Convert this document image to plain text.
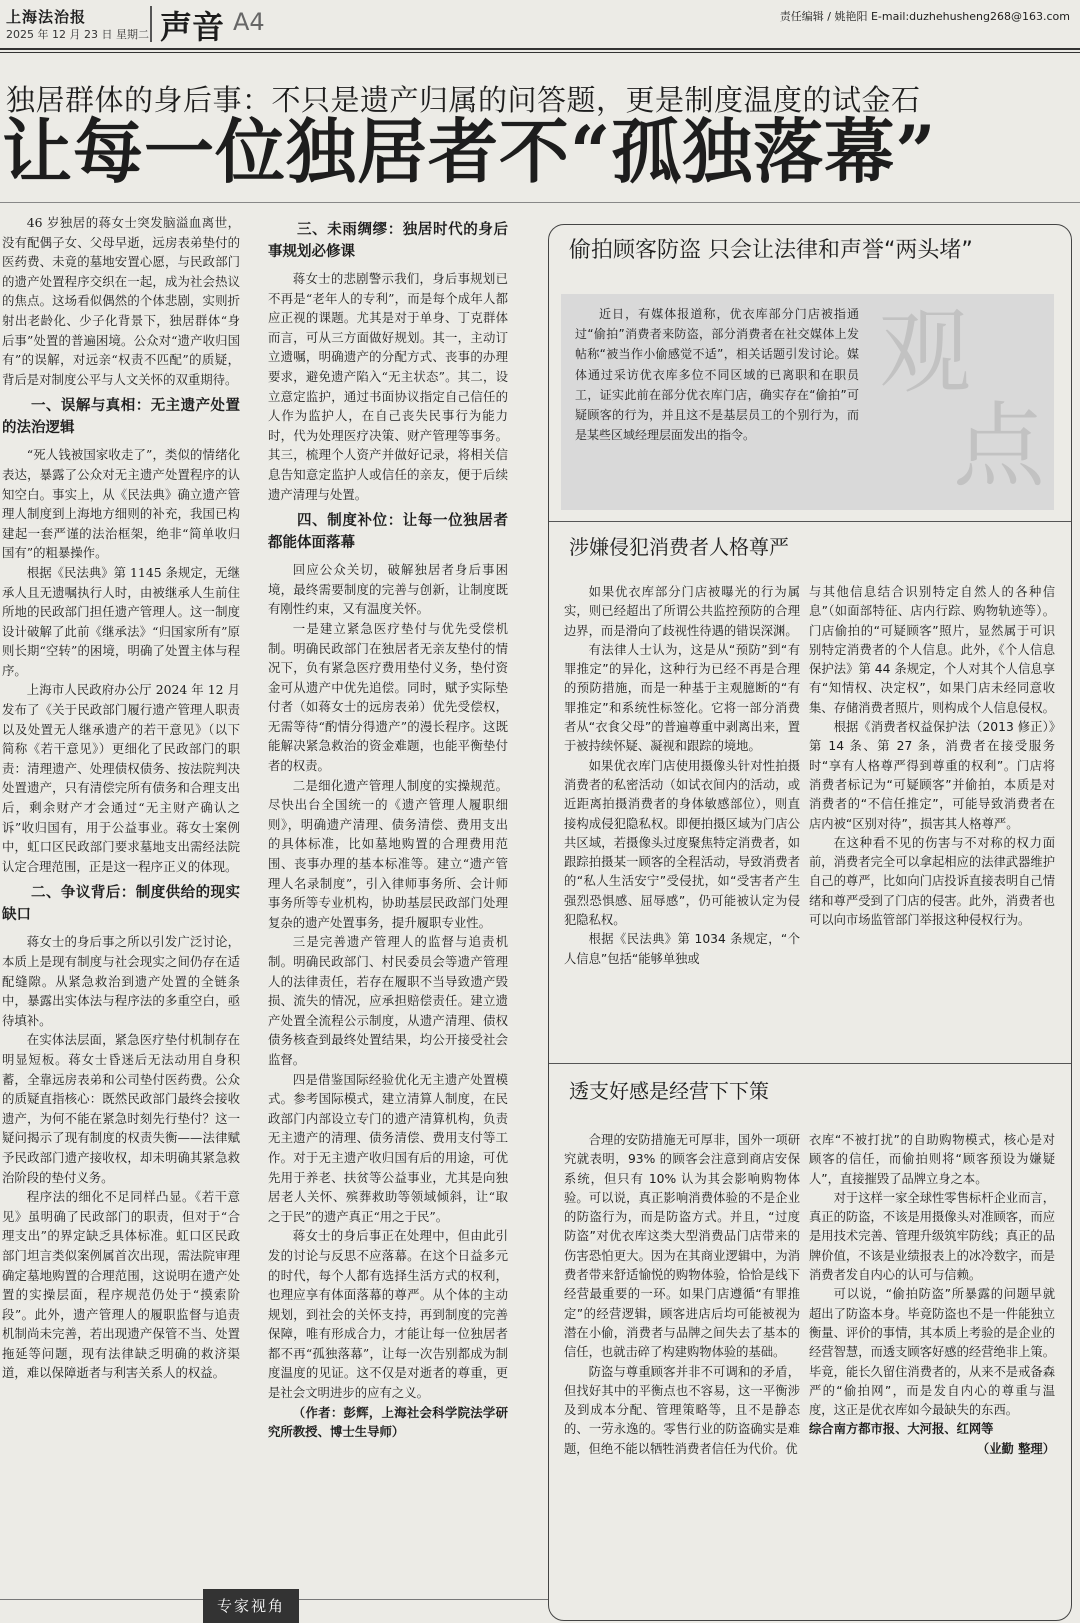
上海法治报
2025 年 12 月 23 日 星期二 声音 A4	责任编辑 / 姚艳阳 E-mail:duzhehusheng268@163.com
独居群体的身后事：不只是遗产归属的问答题，更是制度温度的试金石
让每一位独居者不“孤独落幕”

46 岁独居的蒋女士突发脑溢血离世，没有配偶子女、父母早逝，远房表弟垫付的医药费、未竟的墓地安置心愿，与民政部门的遗产处置程序交织在一起，成为社会热议的焦点。这场看似偶然的个体悲剧，实则折射出老龄化、少子化背景下，独居群体“身后事”处置的普遍困境。公众对“遗产收归国有”的误解，对远亲“权责不匹配”的质疑，背后是对制度公平与人文关怀的双重期待。

一、误解与真相：无主遗产处置的法治逻辑

“死人钱被国家收走了”，类似的情绪化表达，暴露了公众对无主遗产处置程序的认知空白。事实上，从《民法典》确立遗产管理人制度到上海地方细则的补充，我国已构建起一套严谨的法治框架，绝非“简单收归国有”的粗暴操作。

根据《民法典》第 1145 条规定，无继承人且无遗嘱执行人时，由被继承人生前住所地的民政部门担任遗产管理人。这一制度设计破解了此前《继承法》“归国家所有”原则长期“空转”的困境，明确了处置主体与程序。

上海市人民政府办公厅 2024 年 12 月发布了《关于民政部门履行遗产管理人职责以及处置无人继承遗产的若干意见》（以下简称《若干意见》）更细化了民政部门的职责：清理遗产、处理债权债务、按法院判决处置遗产，只有清偿完所有债务和合理支出后，剩余财产才会通过“无主财产确认之诉”收归国有，用于公益事业。蒋女士案例中，虹口区民政部门要求墓地支出需经法院认定合理范围，正是这一程序正义的体现。

二、争议背后：制度供给的现实缺口

蒋女士的身后事之所以引发广泛讨论，本质上是现有制度与社会现实之间仍存在适配缝隙。从紧急救治到遗产处置的全链条中，暴露出实体法与程序法的多重空白，亟待填补。

在实体法层面，紧急医疗垫付机制存在明显短板。蒋女士昏迷后无法动用自身积蓄，全靠远房表弟和公司垫付医药费。公众的质疑直指核心：既然民政部门最终会接收遗产，为何不能在紧急时刻先行垫付？这一疑问揭示了现有制度的权责失衡——法律赋予民政部门遗产接收权，却未明确其紧急救治阶段的垫付义务。

程序法的细化不足同样凸显。《若干意见》虽明确了民政部门的职责，但对于“合理支出”的界定缺乏具体标准。虹口区民政部门坦言类似案例属首次出现，需法院审理确定墓地购置的合理范围，这说明在遗产处置的实操层面，程序规范仍处于“摸索阶段”。此外，遗产管理人的履职监督与追责机制尚未完善，若出现遗产保管不当、处置拖延等问题，现有法律缺乏明确的救济渠道，难以保障逝者与利害关系人的权益。

三、未雨绸缪：独居时代的身后事规划必修课

蒋女士的悲剧警示我们，身后事规划已不再是“老年人的专利”，而是每个成年人都应正视的课题。尤其是对于单身、丁克群体而言，可从三方面做好规划。其一，主动订立遗嘱，明确遗产的分配方式、丧事的办理要求，避免遗产陷入“无主状态”。其二，设立意定监护，通过书面协议指定自己信任的人作为监护人，在自己丧失民事行为能力时，代为处理医疗决策、财产管理等事务。其三，梳理个人资产并做好记录，将相关信息告知意定监护人或信任的亲友，便于后续遗产清理与处置。

四、制度补位：让每一位独居者都能体面落幕

回应公众关切，破解独居者身后事困境，最终需要制度的完善与创新，让制度既有刚性约束，又有温度关怀。

一是建立紧急医疗垫付与优先受偿机制。明确民政部门在独居者无亲友垫付的情况下，负有紧急医疗费用垫付义务，垫付资金可从遗产中优先追偿。同时，赋予实际垫付者（如蒋女士的远房表弟）优先受偿权，无需等待“酌情分得遗产”的漫长程序。这既能解决紧急救治的资金难题，也能平衡垫付者的权责。

二是细化遗产管理人制度的实操规范。尽快出台全国统一的《遗产管理人履职细则》，明确遗产清理、债务清偿、费用支出的具体标准，比如墓地购置的合理费用范围、丧事办理的基本标准等。建立“遗产管理人名录制度”，引入律师事务所、会计师事务所等专业机构，协助基层民政部门处理复杂的遗产处置事务，提升履职专业性。

三是完善遗产管理人的监督与追责机制。明确民政部门、村民委员会等遗产管理人的法律责任，若存在履职不当导致遗产毁损、流失的情况，应承担赔偿责任。建立遗产处置全流程公示制度，从遗产清理、债权债务核查到最终处置结果，均公开接受社会监督。

四是借鉴国际经验优化无主遗产处置模式。参考国际模式，建立清算人制度，在民政部门内部设立专门的遗产清算机构，负责无主遗产的清理、债务清偿、费用支付等工作。对于无主遗产收归国有后的用途，可优先用于养老、扶贫等公益事业，尤其是向独居老人关怀、殡葬救助等领域倾斜，让“取之于民”的遗产真正“用之于民”。

蒋女士的身后事正在处理中，但由此引发的讨论与反思不应落幕。在这个日益多元的时代，每个人都有选择生活方式的权利，也理应享有体面落幕的尊严。从个体的主动规划，到社会的关怀支持，再到制度的完善保障，唯有形成合力，才能让每一位独居者都不再“孤独落幕”，让每一次告别都成为制度温度的见证。这不仅是对逝者的尊重，更是社会文明进步的应有之义。

（作者：彭辉，上海社会科学院法学研究所教授、博士生导师）
偷拍顾客防盗 只会让法律和声誉“两头堵”
近日，有媒体报道称，优衣库部分门店被指通过“偷拍”消费者来防盗，部分消费者在社交媒体上发帖称“被当作小偷感觉不适”，相关话题引发讨论。媒体通过采访优衣库多位不同区域的已离职和在职员工，证实此前在部分优衣库门店，确实存在“偷拍”可疑顾客的行为，并且这不是基层员工的个别行为，而是某些区域经理层面发出的指令。
观
点
涉嫌侵犯消费者人格尊严

如果优衣库部分门店被曝光的行为属实，则已经超出了所谓公共监控预防的合理边界，而是滑向了歧视性待遇的错误深渊。

有法律人士认为，这是从“预防”到“有罪推定”的异化，这种行为已经不再是合理的预防措施，而是一种基于主观臆断的“有罪推定”和系统性标签化。它将一部分消费者从“衣食父母”的普遍尊重中剥离出来，置于被持续怀疑、凝视和跟踪的境地。

如果优衣库门店使用摄像头针对性拍摄消费者的私密活动（如试衣间内的活动，或近距离拍摄消费者的身体敏感部位），则直接构成侵犯隐私权。即便拍摄区域为门店公共区域，若摄像头过度聚焦特定消费者，如跟踪拍摄某一顾客的全程活动，导致消费者的“私人生活安宁”受侵扰，如“受害者产生强烈恐惧感、屈辱感”，仍可能被认定为侵犯隐私权。

根据《民法典》第 1034 条规定，“个人信息”包括“能够单独或

与其他信息结合识别特定自然人的各种信息”（如面部特征、店内行踪、购物轨迹等）。门店偷拍的“可疑顾客”照片，显然属于可识别特定消费者的个人信息。此外，《个人信息保护法》第 44 条规定，个人对其个人信息享有“知情权、决定权”，如果门店未经同意收集、存储消费者照片，则构成个人信息侵权。

根据《消费者权益保护法（2013 修正）》第 14 条、第 27 条，消费者在接受服务时“享有人格尊严得到尊重的权利”。门店将消费者标记为“可疑顾客”并偷拍，本质是对消费者的“不信任推定”，可能导致消费者在店内被“区别对待”，损害其人格尊严。

在这种看不见的伤害与不对称的权力面前，消费者完全可以拿起相应的法律武器维护自己的尊严，比如向门店投诉直接表明自己情绪和尊严受到了门店的侵害。此外，消费者也可以向市场监管部门举报这种侵权行为。

透支好感是经营下下策

合理的安防措施无可厚非，国外一项研究就表明，93% 的顾客会注意到商店安保系统，但只有 10% 认为其会影响购物体验。可以说，真正影响消费体验的不是企业的防盗行为，而是防盗方式。并且，“过度防盗”对优衣库这类大型消费品门店带来的伤害恐怕更大。因为在其商业逻辑中，为消费者带来舒适愉悦的购物体验，恰恰是线下经营最重要的一环。如果门店遵循“有罪推定”的经营逻辑，顾客进店后均可能被视为潜在小偷，消费者与品牌之间失去了基本的信任，也就击碎了构建购物体验的基础。

防盗与尊重顾客并非不可调和的矛盾，但找好其中的平衡点也不容易，这一平衡涉及到成本分配、管理策略等，且不是静态的、一劳永逸的。零售行业的防盗确实是难题，但绝不能以牺牲消费者信任为代价。优

衣库“不被打扰”的自助购物模式，核心是对顾客的信任，而偷拍则将“顾客预设为嫌疑人”，直接摧毁了品牌立身之本。

对于这样一家全球性零售标杆企业而言，真正的防盗，不该是用摄像头对准顾客，而应是用技术完善、管理升级筑牢防线；真正的品牌价值，不该是业绩报表上的冰冷数字，而是消费者发自内心的认可与信赖。

可以说，“偷拍防盗”所暴露的问题早就超出了防盗本身。毕竟防盗也不是一件能独立衡量、评价的事情，其本质上考验的是企业的经营智慧，而透支顾客好感的经营绝非上策。毕竟，能长久留住消费者的，从来不是戒备森严的“偷拍网”，而是发自内心的尊重与温度，这正是优衣库如今最缺失的东西。

综合南方都市报、大河报、红网等
（业勤 整理）
专家视角
